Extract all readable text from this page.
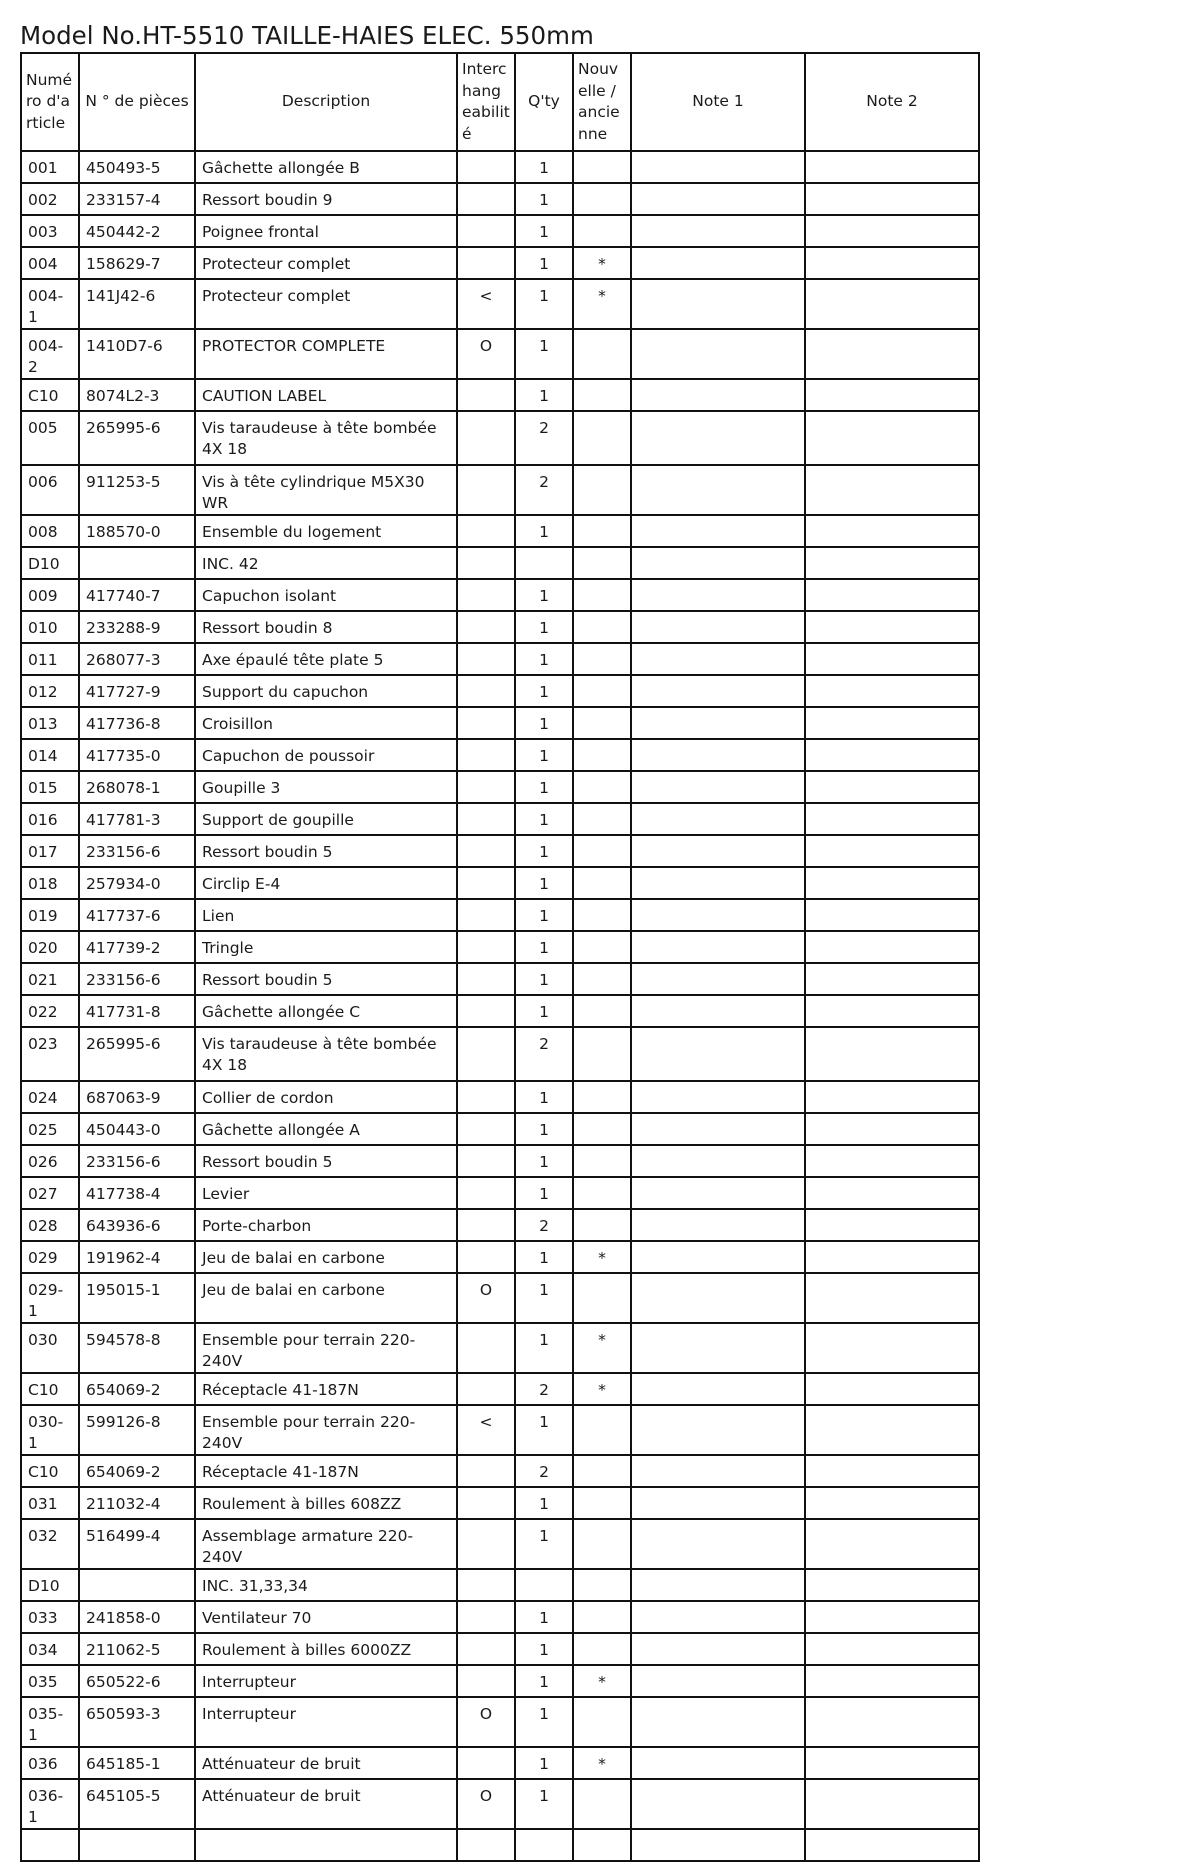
Model No.HT-5510 TAILLE-HAIES ELEC. 550mm
Numé ro d'a rticle	N ° de pièces	Description	Interc hang eabilit é	Q'ty	Nouv elle / ancie nne	Note 1	Note 2
001	450493-5	Gâchette allongée B		1			
002	233157-4	Ressort boudin 9		1			
003	450442-2	Poignee frontal		1			
004	158629-7	Protecteur complet		1	*		
004-1	141J42-6	Protecteur complet	<	1	*		
004-2	1410D7-6	PROTECTOR COMPLETE	O	1			
C10	8074L2-3	CAUTION LABEL		1			
005	265995-6	Vis taraudeuse à tête bombée 4X 18		2			
006	911253-5	Vis à tête cylindrique M5X30 WR		2			
008	188570-0	Ensemble du logement		1			
D10		INC. 42					
009	417740-7	Capuchon isolant		1			
010	233288-9	Ressort boudin 8		1			
011	268077-3	Axe épaulé tête plate 5		1			
012	417727-9	Support du capuchon		1			
013	417736-8	Croisillon		1			
014	417735-0	Capuchon de poussoir		1			
015	268078-1	Goupille 3		1			
016	417781-3	Support de goupille		1			
017	233156-6	Ressort boudin 5		1			
018	257934-0	Circlip E-4		1			
019	417737-6	Lien		1			
020	417739-2	Tringle		1			
021	233156-6	Ressort boudin 5		1			
022	417731-8	Gâchette allongée C		1			
023	265995-6	Vis taraudeuse à tête bombée 4X 18		2			
024	687063-9	Collier de cordon		1			
025	450443-0	Gâchette allongée A		1			
026	233156-6	Ressort boudin 5		1			
027	417738-4	Levier		1			
028	643936-6	Porte-charbon		2			
029	191962-4	Jeu de balai en carbone		1	*		
029-1	195015-1	Jeu de balai en carbone	O	1			
030	594578-8	Ensemble pour terrain 220-240V		1	*		
C10	654069-2	Réceptacle 41-187N		2	*		
030-1	599126-8	Ensemble pour terrain 220-240V	<	1			
C10	654069-2	Réceptacle 41-187N		2			
031	211032-4	Roulement à billes 608ZZ		1			
032	516499-4	Assemblage armature 220-240V		1			
D10		INC. 31,33,34					
033	241858-0	Ventilateur 70		1			
034	211062-5	Roulement à billes 6000ZZ		1			
035	650522-6	Interrupteur		1	*		
035-1	650593-3	Interrupteur	O	1			
036	645185-1	Atténuateur de bruit		1	*		
036-1	645105-5	Atténuateur de bruit	O	1			
